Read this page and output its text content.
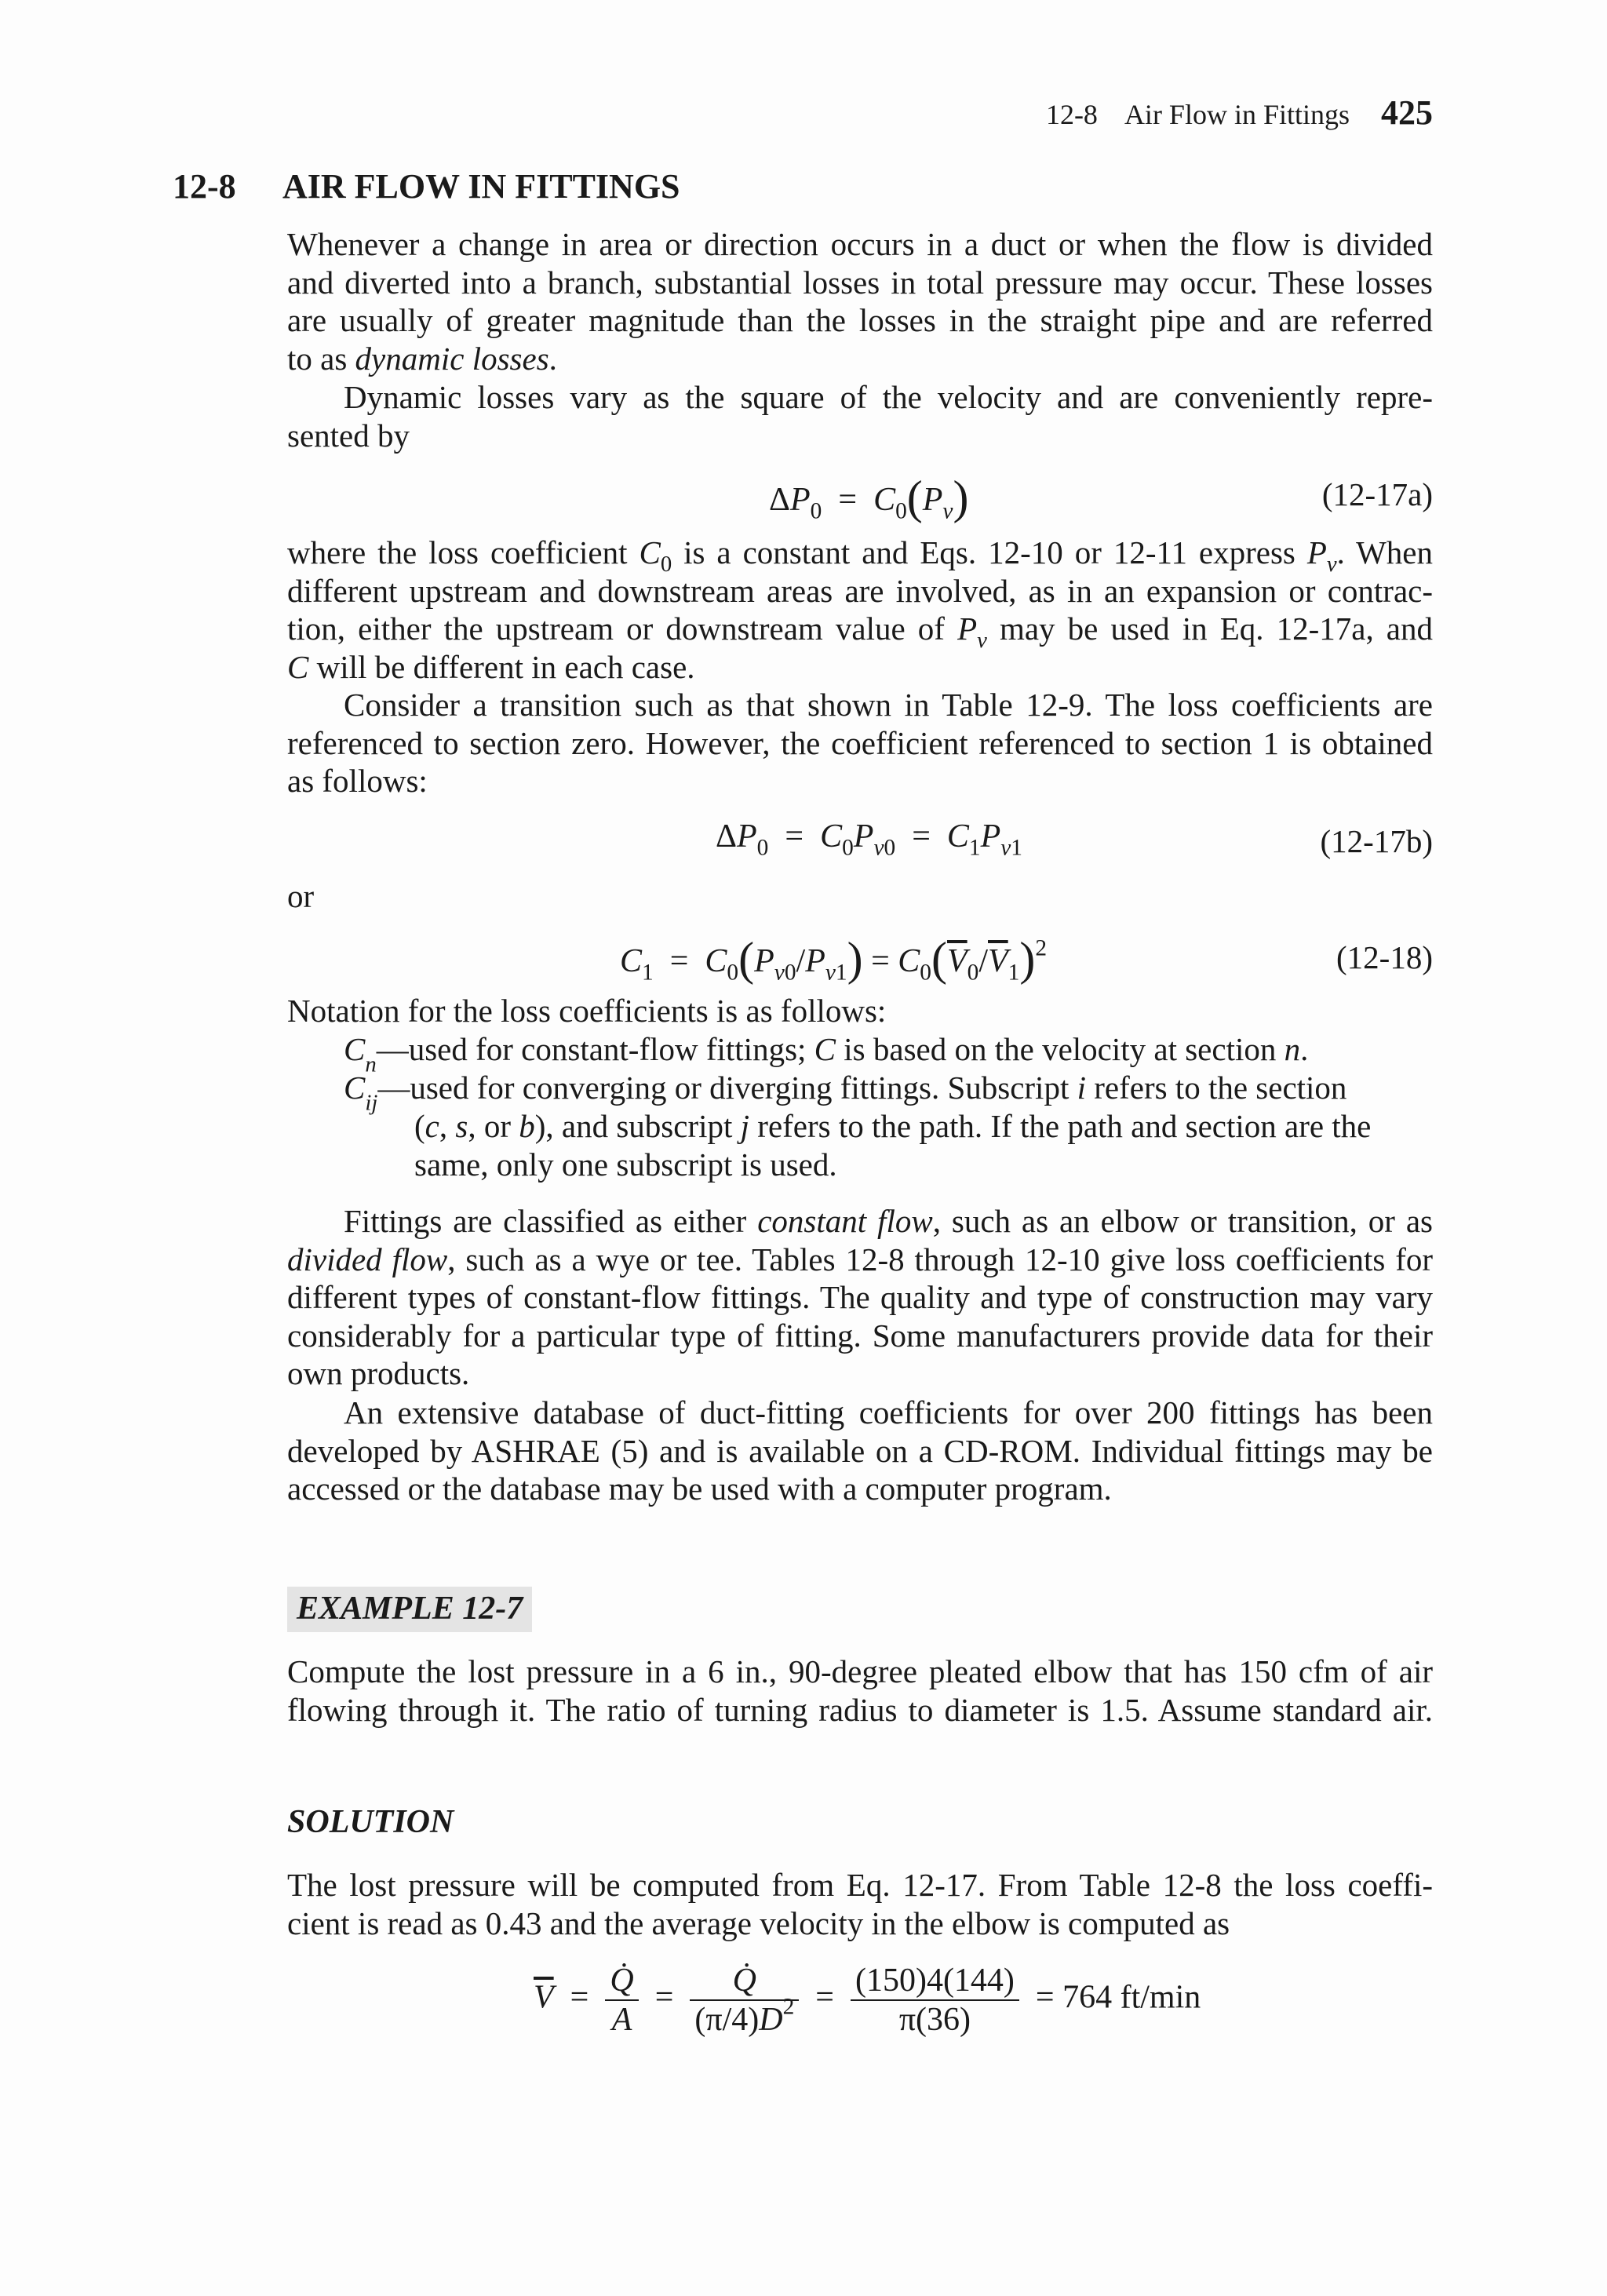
12-8 Air Flow in Fittings 425
12-8 AIR FLOW IN FITTINGS
Whenever a change in area or direction occurs in a duct or when the flow is divided
and diverted into a branch, substantial losses in total pressure may occur. These losses
are usually of greater magnitude than the losses in the straight pipe and are referred
to as dynamic losses.
Dynamic losses vary as the square of the velocity and are conveniently repre-
sented by
$\Delta P_0 = C_0(P_v)$	(12-17a)
where the loss coefficient $C_0$ is a constant and Eqs. 12-10 or 12-11 express $P_v$. When
different upstream and downstream areas are involved, as in an expansion or contrac-
tion, either the upstream or downstream value of $P_v$ may be used in Eq. 12-17a, and
C will be different in each case.
Consider a transition such as that shown in Table 12-9. The loss coefficients are
referenced to section zero. However, the coefficient referenced to section 1 is obtained
as follows:
$\Delta P_0 = C_0P_{v0} = C_1P_{v1}$	(12-17b)
or
$C_1 = C_0(P_{v0}/P_{v1}) = C_0(\overline{V}_0/\overline{V}_1)^2$	(12-18)
Notation for the loss coefficients is as follows:
$C_n—used$ for constant-flow fittings; C is based on the velocity at section n.
$C_{ij}—used$ for converging or diverging fittings. Subscript i refers to the section
(c, s, or b), and subscript j refers to the path. If the path and section are the
same, only one subscript is used.
Fittings are classified as either constant flow, such as an elbow or transition, or as
divided flow, such as a wye or tee. Tables 12-8 through 12-10 give loss coefficients for
different types of constant-flow fittings. The quality and type of construction may vary
considerably for a particular type of fitting. Some manufacturers provide data for their
own products.
An extensive database of duct-fitting coefficients for over 200 fittings has been
developed by ASHRAE (5) and is available on a CD-ROM. Individual fittings may be
accessed or the database may be used with a computer program.
EXAMPLE 12-7
Compute the lost pressure in a 6 in., 90-degree pleated elbow that has 150 cfm of air
flowing through it. The ratio of turning radius to diameter is 1.5. Assume standard air.
SOLUTION
The lost pressure will be computed from Eq. 12-17. From Table 12-8 the loss coeffi-
cient is read as 0.43 and the average velocity in the elbow is computed as
$\overline{V} = \frac{Q̇}{A} = \frac{Q̇}{(\pi/4)D^2} = \frac{(150)4(144)}{\pi(36)} = 764$ ft/min
